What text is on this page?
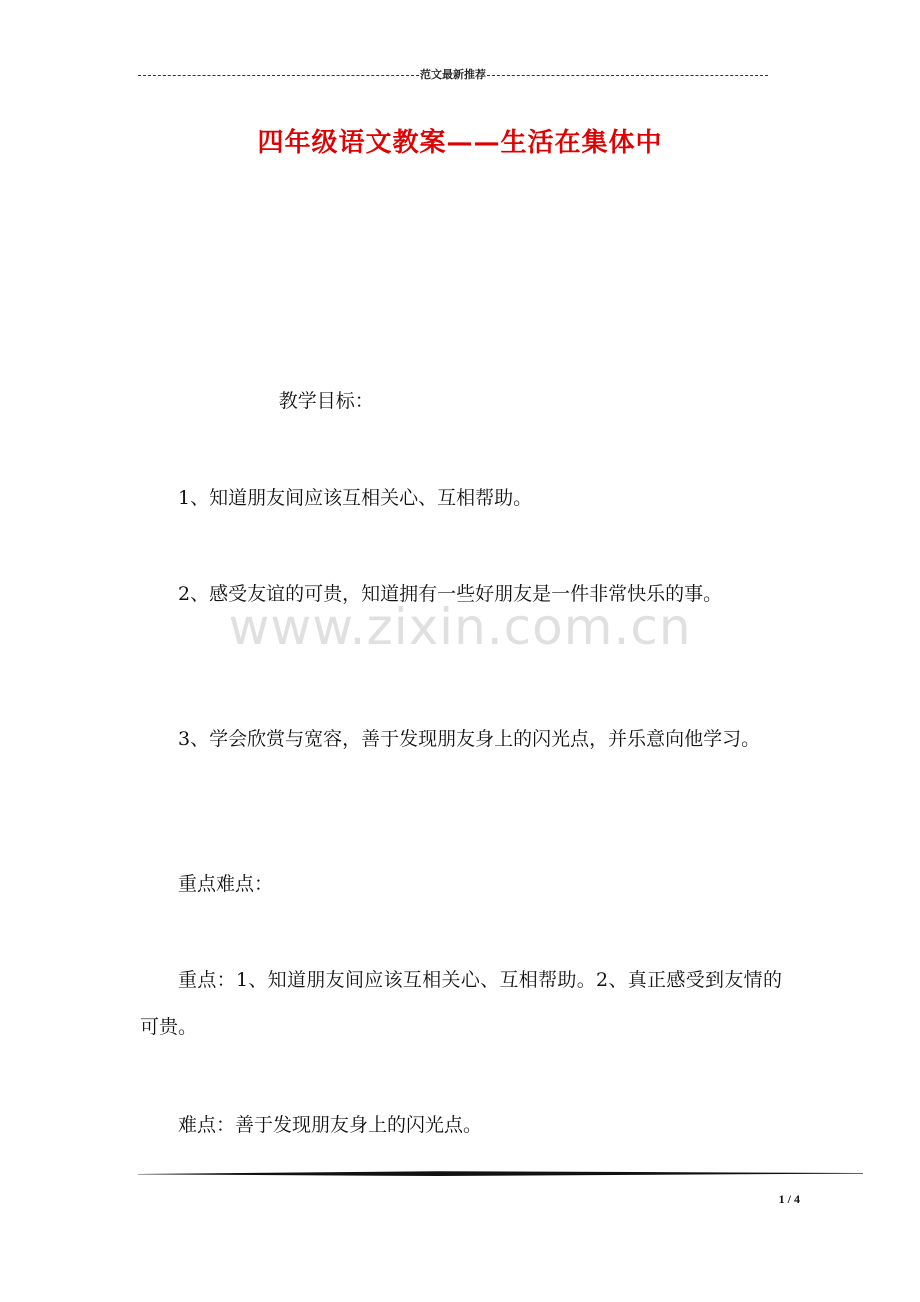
范文最新推荐
四年级语文教案——生活在集体中
www.zixin.com.cn

教学目标：

1、知道朋友间应该互相关心、互相帮助。

2、感受友谊的可贵，知道拥有一些好朋友是一件非常快乐的事。

3、学会欣赏与宽容，善于发现朋友身上的闪光点，并乐意向他学习。

重点难点：

重点：1、知道朋友间应该互相关心、互相帮助。2、真正感受到友情的可贵。

难点：善于发现朋友身上的闪光点。

1 / 4
